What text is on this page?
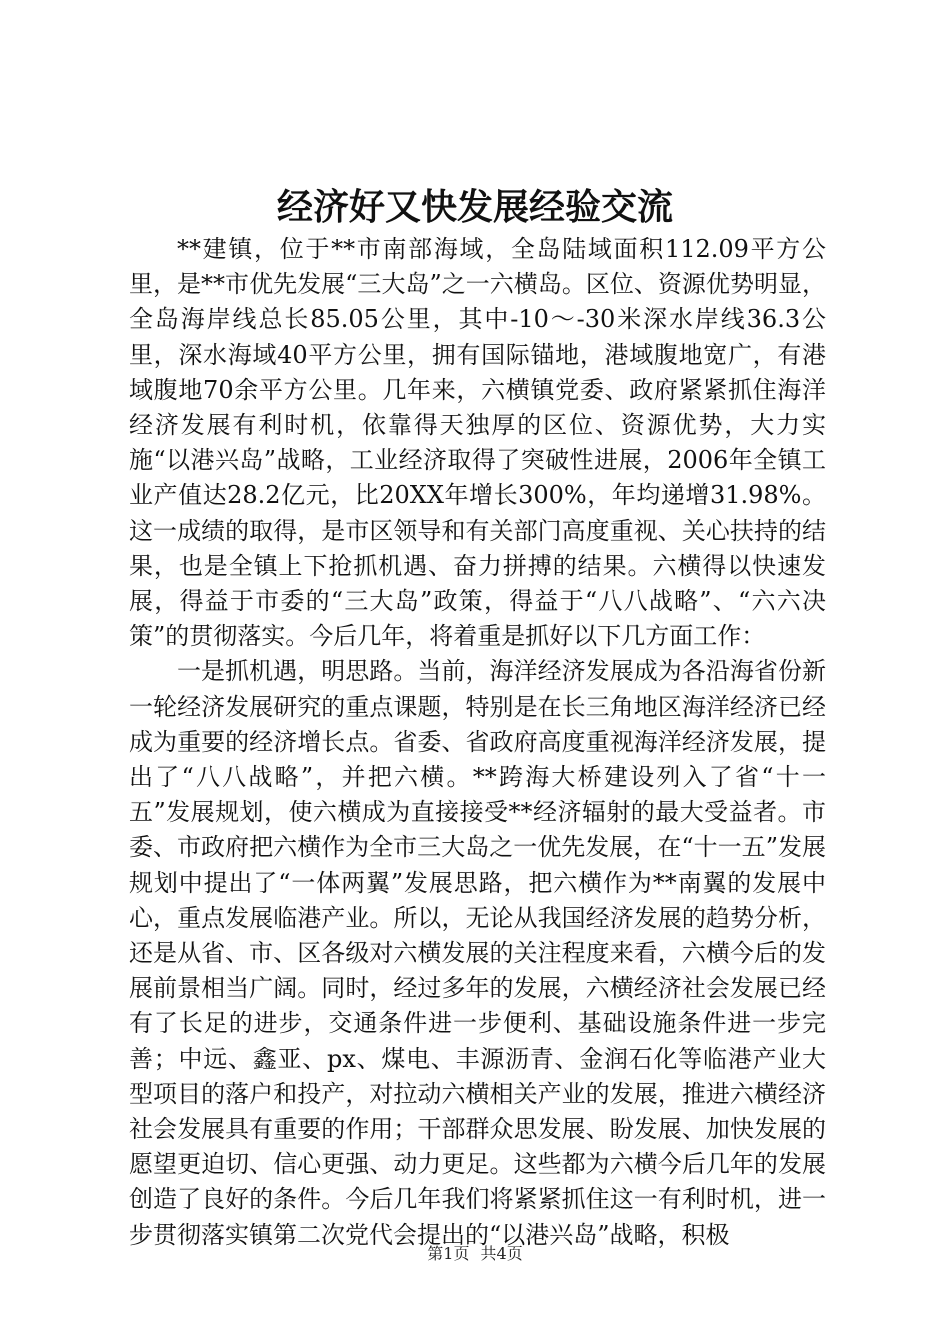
经济好又快发展经验交流

**建镇，位于**市南部海域，全岛陆域面积112.09平方公里，是**市优先发展“三大岛”之一六横岛。区位、资源优势明显，全岛海岸线总长85.05公里，其中-10～-30米深水岸线36.3公里，深水海域40平方公里，拥有国际锚地，港域腹地宽广，有港域腹地70余平方公里。几年来，六横镇党委、政府紧紧抓住海洋经济发展有利时机，依靠得天独厚的区位、资源优势，大力实施“以港兴岛”战略，工业经济取得了突破性进展，2006年全镇工业产值达28.2亿元，比20XX年增长300%，年均递增31.98%。这一成绩的取得，是市区领导和有关部门高度重视、关心扶持的结果，也是全镇上下抢抓机遇、奋力拼搏的结果。六横得以快速发展，得益于市委的“三大岛”政策，得益于“八八战略”、“六六决策”的贯彻落实。今后几年，将着重是抓好以下几方面工作：

一是抓机遇，明思路。当前，海洋经济发展成为各沿海省份新一轮经济发展研究的重点课题，特别是在长三角地区海洋经济已经成为重要的经济增长点。省委、省政府高度重视海洋经济发展，提出了“八八战略”，并把六横。**跨海大桥建设列入了省“十一五”发展规划，使六横成为直接接受**经济辐射的最大受益者。市委、市政府把六横作为全市三大岛之一优先发展，在“十一五”发展规划中提出了“一体两翼”发展思路，把六横作为**南翼的发展中心，重点发展临港产业。所以，无论从我国经济发展的趋势分析，还是从省、市、区各级对六横发展的关注程度来看，六横今后的发展前景相当广阔。同时，经过多年的发展，六横经济社会发展已经有了长足的进步，交通条件进一步便利、基础设施条件进一步完善；中远、鑫亚、px、煤电、丰源沥青、金润石化等临港产业大型项目的落户和投产，对拉动六横相关产业的发展，推进六横经济社会发展具有重要的作用；干部群众思发展、盼发展、加快发展的愿望更迫切、信心更强、动力更足。这些都为六横今后几年的发展创造了良好的条件。今后几年我们将紧紧抓住这一有利时机，进一步贯彻落实镇第二次党代会提出的“以港兴岛”战略，积极

第1页 共4页
